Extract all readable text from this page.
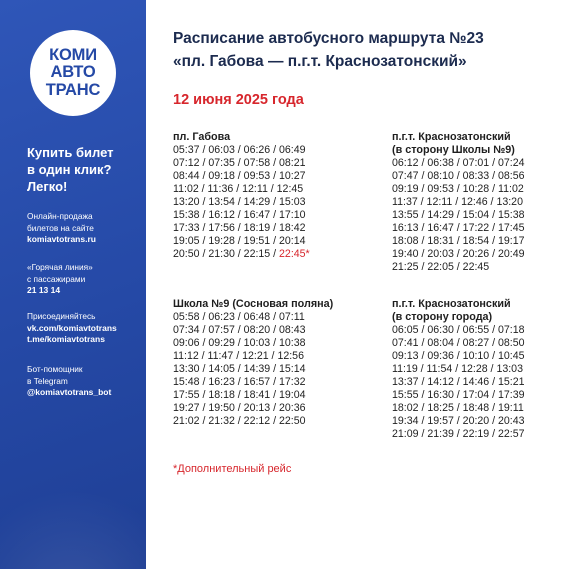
КОМИ
АВТО
ТРАНС
Купить билет
в один клик?
Легко!
Онлайн-продажа
билетов на сайте
komiavtotrans.ru
«Горячая линия»
с пассажирами
21 13 14
Присоединяйтесь
vk.com/komiavtotrans
t.me/komiavtotrans
Бот-помощник
в Telegram
@komiavtotrans_bot
Расписание автобусного маршрута №23
«пл. Габова — п.г.т. Краснозатонский»
12 июня 2025 года
пл. Габова
05:37 / 06:03 / 06:26 / 06:49
07:12 / 07:35 / 07:58 / 08:21
08:44 / 09:18 / 09:53 / 10:27
11:02 / 11:36 / 12:11 / 12:45
13:20 / 13:54 / 14:29 / 15:03
15:38 / 16:12 / 16:47 / 17:10
17:33 / 17:56 / 18:19 / 18:42
19:05 / 19:28 / 19:51 / 20:14
20:50 / 21:30 / 22:15 / 22:45*
п.г.т. Краснозатонский
(в сторону Школы №9)
06:12 / 06:38 / 07:01 / 07:24
07:47 / 08:10 / 08:33 / 08:56
09:19 / 09:53 / 10:28 / 11:02
11:37 / 12:11 / 12:46 / 13:20
13:55 / 14:29 / 15:04 / 15:38
16:13 / 16:47 / 17:22 / 17:45
18:08 / 18:31 / 18:54 / 19:17
19:40 / 20:03 / 20:26 / 20:49
21:25 / 22:05 / 22:45
Школа №9 (Сосновая поляна)
05:58 / 06:23 / 06:48 / 07:11
07:34 / 07:57 / 08:20 / 08:43
09:06 / 09:29 / 10:03 / 10:38
11:12 / 11:47 / 12:21 / 12:56
13:30 / 14:05 / 14:39 / 15:14
15:48 / 16:23 / 16:57 / 17:32
17:55 / 18:18 / 18:41 / 19:04
19:27 / 19:50 / 20:13 / 20:36
21:02 / 21:32 / 22:12 / 22:50
п.г.т. Краснозатонский
(в сторону города)
06:05 / 06:30 / 06:55 / 07:18
07:41 / 08:04 / 08:27 / 08:50
09:13 / 09:36 / 10:10 / 10:45
11:19 / 11:54 / 12:28 / 13:03
13:37 / 14:12 / 14:46 / 15:21
15:55 / 16:30 / 17:04 / 17:39
18:02 / 18:25 / 18:48 / 19:11
19:34 / 19:57 / 20:20 / 20:43
21:09 / 21:39 / 22:19 / 22:57
*Дополнительный рейс
